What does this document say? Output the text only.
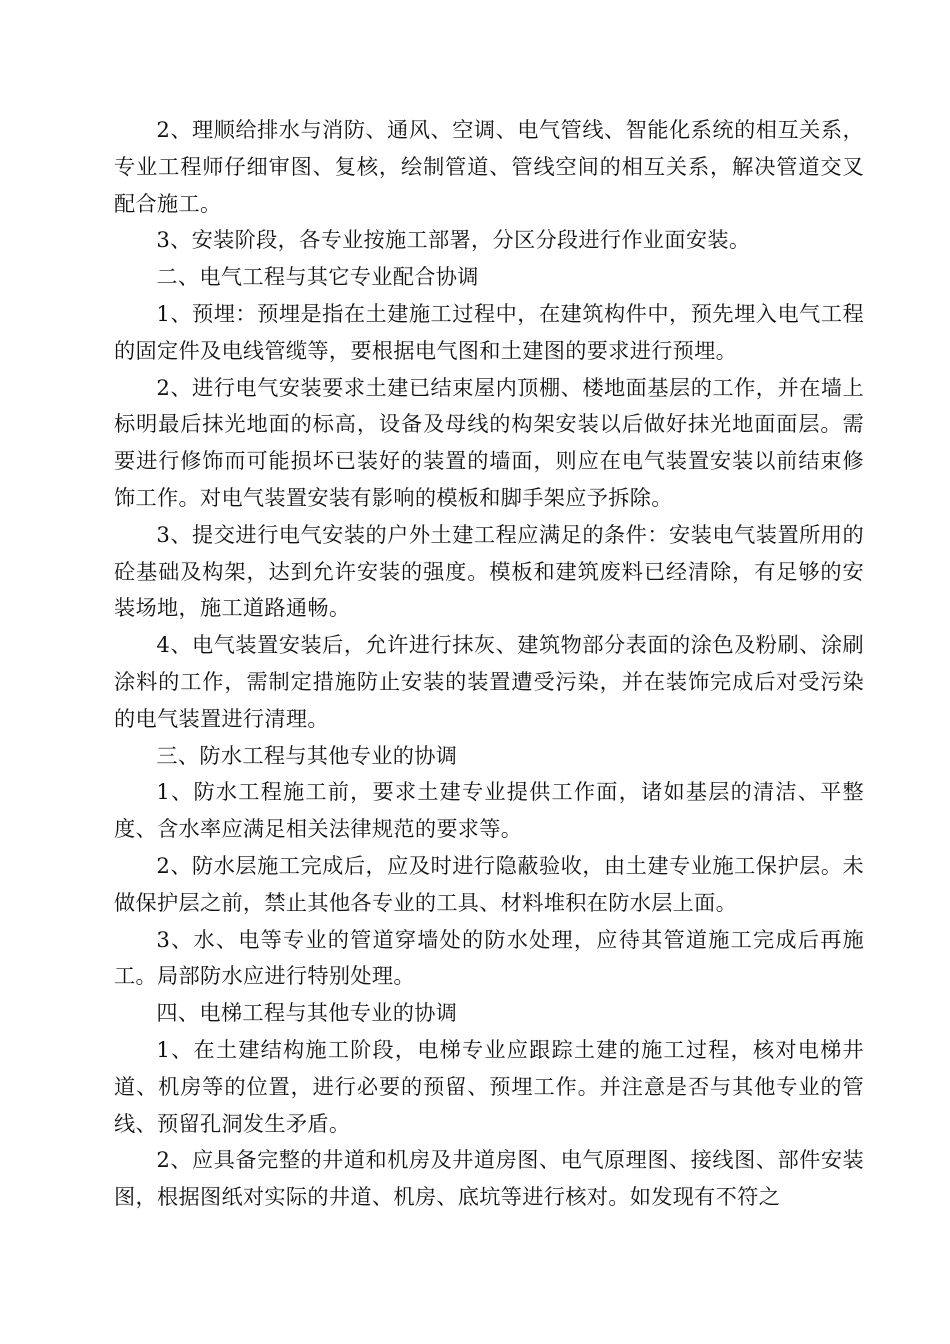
2、理顺给排水与消防、通风、空调、电气管线、智能化系统的相互关系，专业工程师仔细审图、复核，绘制管道、管线空间的相互关系，解决管道交叉配合施工。

3、安装阶段，各专业按施工部署，分区分段进行作业面安装。

二、电气工程与其它专业配合协调

1、预埋：预埋是指在土建施工过程中，在建筑构件中，预先埋入电气工程的固定件及电线管缆等，要根据电气图和土建图的要求进行预埋。

2、进行电气安装要求土建已结束屋内顶棚、楼地面基层的工作，并在墙上标明最后抹光地面的标高，设备及母线的构架安装以后做好抹光地面面层。需要进行修饰而可能损坏已装好的装置的墙面，则应在电气装置安装以前结束修饰工作。对电气装置安装有影响的模板和脚手架应予拆除。

3、提交进行电气安装的户外土建工程应满足的条件：安装电气装置所用的砼基础及构架，达到允许安装的强度。模板和建筑废料已经清除，有足够的安装场地，施工道路通畅。

4、电气装置安装后，允许进行抹灰、建筑物部分表面的涂色及粉刷、涂刷涂料的工作，需制定措施防止安装的装置遭受污染，并在装饰完成后对受污染的电气装置进行清理。

三、防水工程与其他专业的协调

1、防水工程施工前，要求土建专业提供工作面，诸如基层的清洁、平整度、含水率应满足相关法律规范的要求等。

2、防水层施工完成后，应及时进行隐蔽验收，由土建专业施工保护层。未做保护层之前，禁止其他各专业的工具、材料堆积在防水层上面。

3、水、电等专业的管道穿墙处的防水处理，应待其管道施工完成后再施工。局部防水应进行特别处理。

四、电梯工程与其他专业的协调

1、在土建结构施工阶段，电梯专业应跟踪土建的施工过程，核对电梯井道、机房等的位置，进行必要的预留、预埋工作。并注意是否与其他专业的管线、预留孔洞发生矛盾。

2、应具备完整的井道和机房及井道房图、电气原理图、接线图、部件安装图，根据图纸对实际的井道、机房、底坑等进行核对。如发现有不符之
